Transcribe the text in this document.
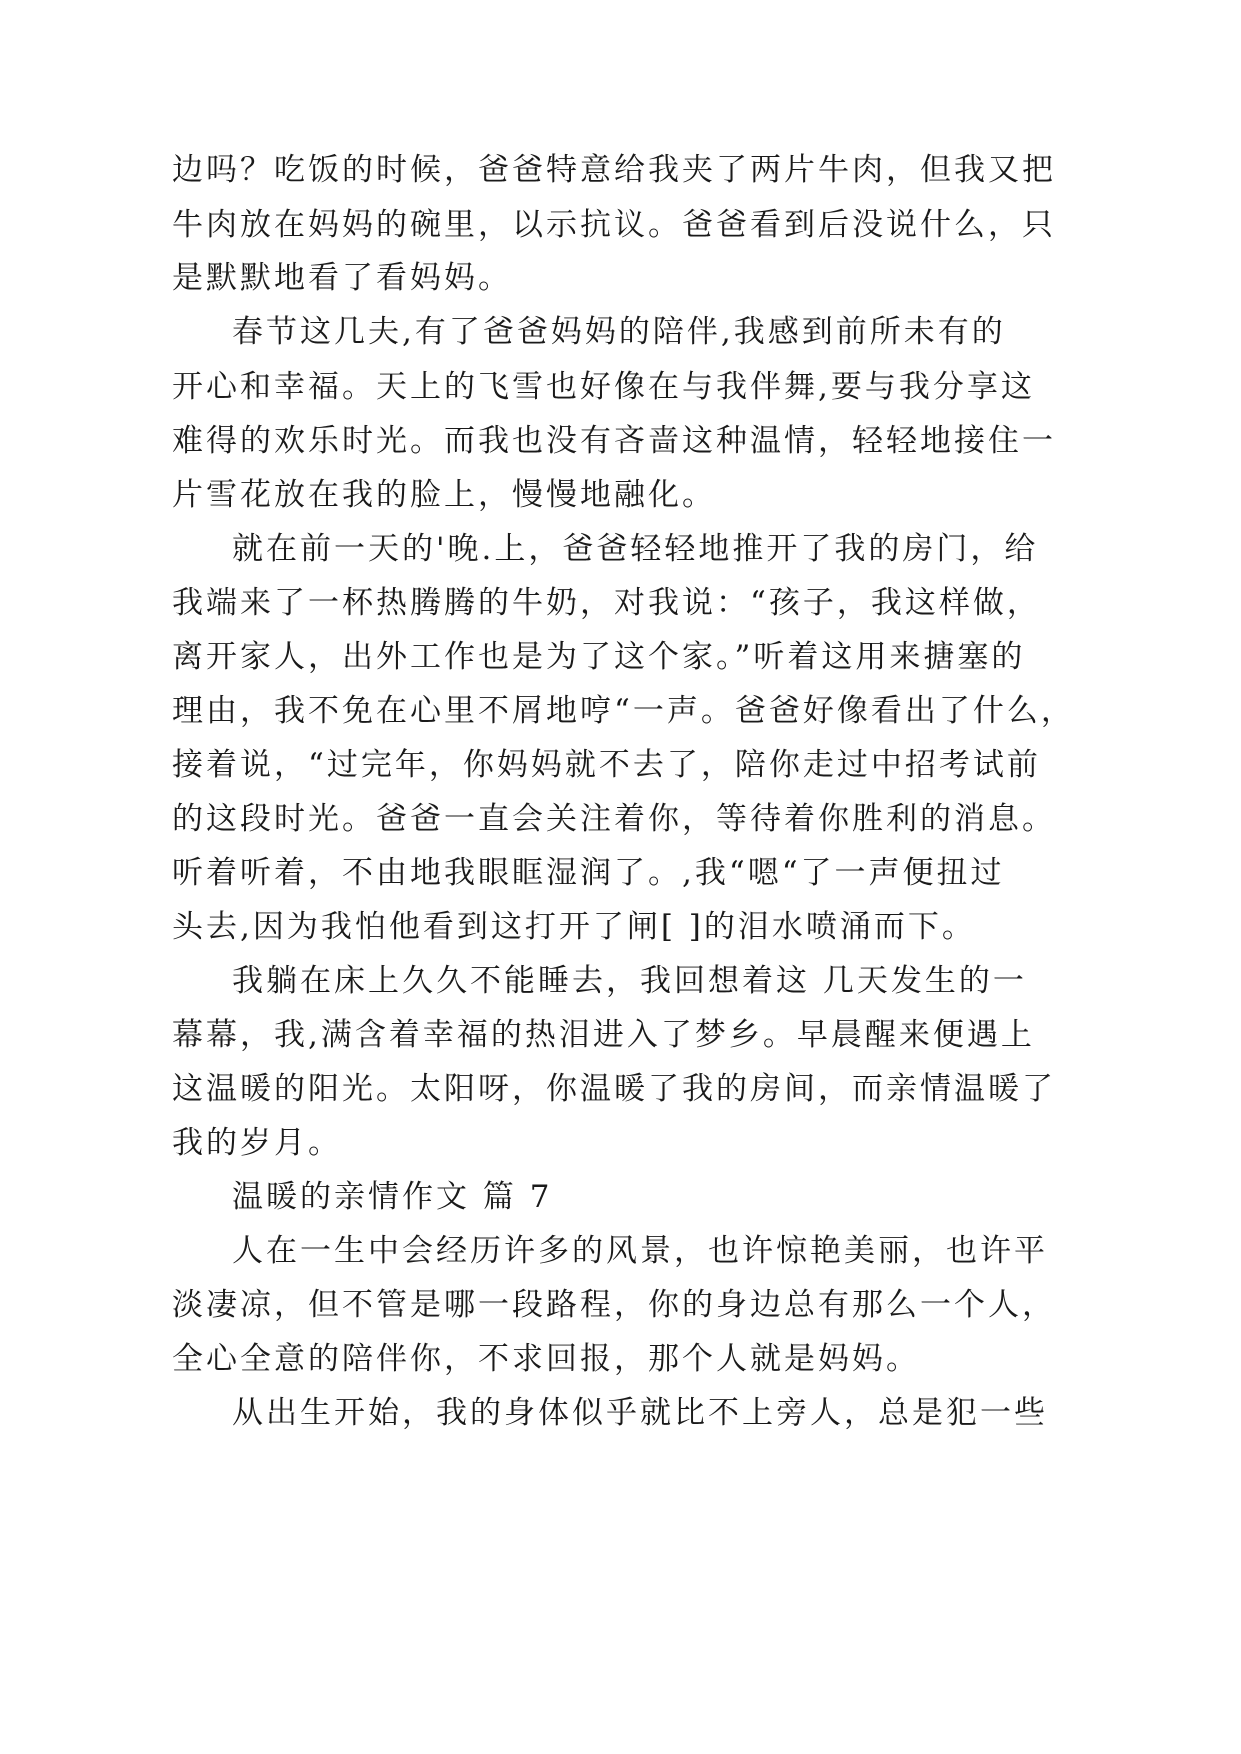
边吗？吃饭的时候，爸爸特意给我夹了两片牛肉，但我又把
牛肉放在妈妈的碗里，以示抗议。爸爸看到后没说什么，只
是默默地看了看妈妈。
春节这几夫,有了爸爸妈妈的陪伴,我感到前所未有的
开心和幸福。天上的飞雪也好像在与我伴舞,要与我分享这
难得的欢乐时光。而我也没有吝啬这种温情，轻轻地接住一
片雪花放在我的脸上，慢慢地融化。
就在前一天的'晚.上，爸爸轻轻地推开了我的房门，给
我端来了一杯热腾腾的牛奶，对我说：“孩子，我这样做，
离开家人，出外工作也是为了这个家。”听着这用来搪塞的
理由，我不免在心里不屑地哼“一声。爸爸好像看出了什么，
接着说，“过完年，你妈妈就不去了，陪你走过中招考试前
的这段时光。爸爸一直会关注着你，等待着你胜利的消息。
听着听着，不由地我眼眶湿润了。,我“嗯“了一声便扭过
头去,因为我怕他看到这打开了闸[ ]的泪水喷涌而下。
我躺在床上久久不能睡去，我回想着这 几天发生的一
幕幕，我,满含着幸福的热泪进入了梦乡。早晨醒来便遇上
这温暖的阳光。太阳呀，你温暖了我的房间，而亲情温暖了
我的岁月。
温暖的亲情作文 篇 7
人在一生中会经历许多的风景，也许惊艳美丽，也许平
淡凄凉，但不管是哪一段路程，你的身边总有那么一个人，
全心全意的陪伴你，不求回报，那个人就是妈妈。
从出生开始，我的身体似乎就比不上旁人，总是犯一些
